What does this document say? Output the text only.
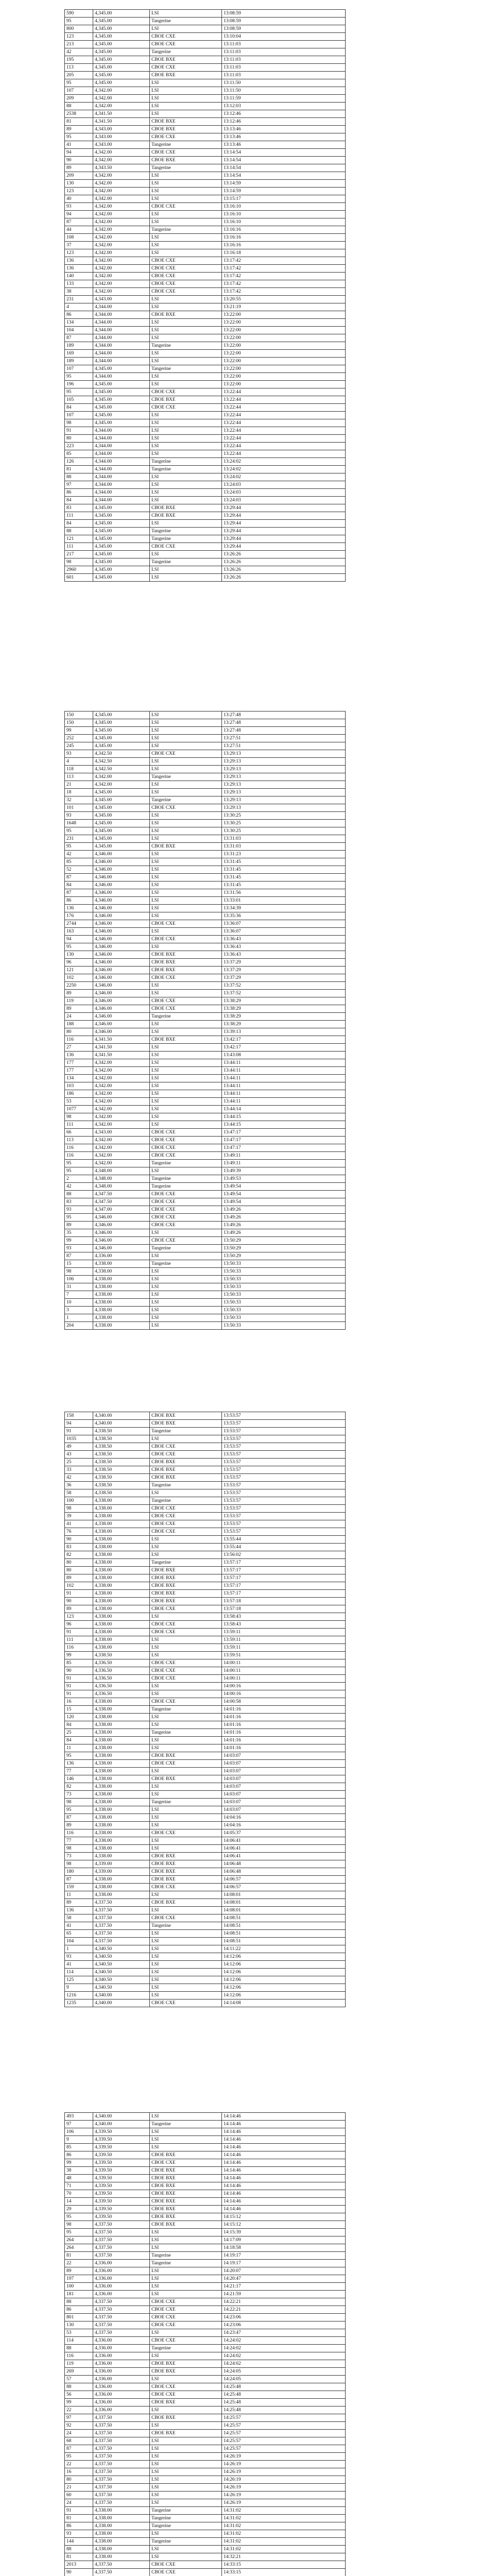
590	4,345.00	LSI	13:08:59
95	4,345.00	Tangerine	13:08:59
800	4,345.00	LSI	13:08:59
123	4,345.00	CBOE CXE	13:10:04
213	4,345.00	CBOE CXE	13:11:03
42	4,345.00	Tangerine	13:11:03
195	4,345.00	CBOE BXE	13:11:03
113	4,345.00	CBOE CXE	13:11:03
205	4,345.00	CBOE BXE	13:11:03
95	4,345.00	LSI	13:11:50
107	4,342.00	LSI	13:11:50
209	4,342.00	LSI	13:11:59
88	4,342.00	LSI	13:12:03
2538	4,341.50	LSI	13:12:46
81	4,341.50	CBOE BXE	13:12:46
89	4,343.00	CBOE BXE	13:13:46
95	4,343.00	CBOE CXE	13:13:46
41	4,343.00	Tangerine	13:13:46
94	4,342.00	CBOE CXE	13:14:54
90	4,342.00	CBOE BXE	13:14:54
89	4,343.50	Tangerine	13:14:54
209	4,342.00	LSI	13:14:54
130	4,342.00	LSI	13:14:59
123	4,342.00	LSI	13:14:59
40	4,342.00	LSI	13:15:17
93	4,342.00	CBOE CXE	13:16:10
94	4,342.00	LSI	13:16:10
87	4,342.00	LSI	13:16:10
44	4,342.00	Tangerine	13:16:16
108	4,342.00	LSI	13:16:16
37	4,342.00	LSI	13:16:16
123	4,342.00	LSI	13:16:18
136	4,342.00	CBOE CXE	13:17:42
136	4,342.00	CBOE CXE	13:17:42
140	4,342.00	CBOE CXE	13:17:42
133	4,342.00	CBOE CXE	13:17:42
38	4,342.00	CBOE CXE	13:17:42
231	4,343.00	LSI	13:20:55
4	4,344.00	LSI	13:21:19
86	4,344.00	CBOE BXE	13:22:00
134	4,344.00	LSI	13:22:00
104	4,344.00	LSI	13:22:00
87	4,344.00	LSI	13:22:00
189	4,344.00	Tangerine	13:22:00
169	4,344.00	LSI	13:22:00
189	4,344.00	LSI	13:22:00
107	4,345.00	Tangerine	13:22:00
95	4,344.00	LSI	13:22:00
196	4,345.00	LSI	13:22:00
95	4,345.00	CBOE CXE	13:22:44
105	4,345.00	CBOE BXE	13:22:44
84	4,345.00	CBOE CXE	13:22:44
107	4,345.00	LSI	13:22:44
98	4,345.00	LSI	13:22:44
91	4,344.00	LSI	13:22:44
80	4,344.00	LSI	13:22:44
223	4,344.00	LSI	13:22:44
85	4,344.00	LSI	13:22:44
126	4,344.00	Tangerine	13:24:02
81	4,344.00	Tangerine	13:24:02
88	4,344.00	LSI	13:24:02
97	4,344.00	LSI	13:24:03
86	4,344.00	LSI	13:24:03
84	4,344.00	LSI	13:24:03
83	4,345.00	CBOE BXE	13:29:44
111	4,345.00	CBOE BXE	13:29:44
84	4,345.00	LSI	13:29:44
88	4,345.00	Tangerine	13:29:44
121	4,345.00	Tangerine	13:29:44
111	4,345.00	CBOE CXE	13:29:44
217	4,345.00	LSI	13:26:26
98	4,345.00	Tangerine	13:26:26
2960	4,345.00	LSI	13:26:26
601	4,345.00	LSI	13:26:26
150	4,345.00	LSI	13:27:48
150	4,345.00	LSI	13:27:48
99	4,345.00	LSI	13:27:48
252	4,345.00	LSI	13:27:51
245	4,345.00	LSI	13:27:51
93	4,342.50	CBOE CXE	13:29:13
4	4,342.50	LSI	13:29:13
118	4,342.50	LSI	13:29:13
113	4,342.00	Tangerine	13:29:13
21	4,342.00	LSI	13:29:13
18	4,345.00	LSI	13:29:13
32	4,345.00	Tangerine	13:29:13
101	4,345.00	CBOE CXE	13:29:13
93	4,345.00	LSI	13:30:25
1648	4,345.00	LSI	13:30:25
95	4,345.00	LSI	13:30:25
231	4,345.00	LSI	13:31:03
95	4,345.00	CBOE BXE	13:31:03
42	4,346.00	LSI	13:31:23
85	4,346.00	LSI	13:31:45
52	4,346.00	LSI	13:31:45
87	4,346.00	LSI	13:31:45
84	4,346.00	LSI	13:31:45
87	4,346.00	LSI	13:31:56
86	4,346.00	LSI	13:33:01
136	4,346.00	LSI	13:34:39
176	4,346.00	LSI	13:35:36
2744	4,346.00	CBOE CXE	13:36:07
163	4,346.00	LSI	13:36:07
94	4,346.00	CBOE CXE	13:36:43
95	4,346.00	LSI	13:36:43
130	4,346.00	CBOE BXE	13:36:43
96	4,346.00	CBOE BXE	13:37:29
121	4,346.00	CBOE BXE	13:37:29
102	4,346.00	CBOE CXE	13:37:29
2250	4,346.00	LSI	13:37:52
89	4,346.00	LSI	13:37:52
119	4,346.00	CBOE CXE	13:38:29
89	4,346.00	CBOE CXE	13:38:29
24	4,346.00	Tangerine	13:38:29
188	4,346.00	LSI	13:38:29
80	4,346.00	LSI	13:39:13
116	4,341.50	CBOE BXE	13:42:17
27	4,341.50	LSI	13:42:17
136	4,341.50	LSI	13:43:08
177	4,342.00	LSI	13:44:11
177	4,342.00	LSI	13:44:11
134	4,342.00	LSI	13:44:11
103	4,342.00	LSI	13:44:11
186	4,342.00	LSI	13:44:11
53	4,342.00	LSI	13:44:11
1077	4,342.00	LSI	13:44:14
98	4,342.00	LSI	13:44:15
111	4,342.00	LSI	13:44:15
66	4,343.00	CBOE CXE	13:47:17
113	4,342.00	CBOE CXE	13:47:17
116	4,342.00	CBOE CXE	13:47:17
116	4,342.00	CBOE CXE	13:49:11
95	4,342.00	Tangerine	13:49:11
95	4,348.00	LSI	13:49:39
2	4,348.00	Tangerine	13:49:53
42	4,348.00	Tangerine	13:49:54
88	4,347.50	CBOE CXE	13:49:54
83	4,347.50	CBOE CXE	13:49:54
93	4,347.00	CBOE CXE	13:49:26
95	4,346.00	CBOE CXE	13:49:26
89	4,346.00	CBOE CXE	13:49:26
35	4,346.00	LSI	13:49:26
99	4,346.00	CBOE CXE	13:50:29
93	4,346.00	Tangerine	13:50:29
87	4,336.00	LSI	13:50:29
15	4,338.00	Tangerine	13:50:33
98	4,338.00	LSI	13:50:33
106	4,338.00	LSI	13:50:33
31	4,338.00	LSI	13:50:33
7	4,338.00	LSI	13:50:33
10	4,338.00	LSI	13:50:33
3	4,338.00	LSI	13:50:33
1	4,338.00	LSI	13:50:33
204	4,338.00	LSI	13:50:33
158	4,340.00	CBOE BXE	13:53:57
94	4,340.00	CBOE BXE	13:53:57
91	4,338.50	Tangerine	13:53:57
1035	4,338.50	LSI	13:53:57
49	4,338.50	CBOE CXE	13:53:57
43	4,338.50	CBOE CXE	13:53:57
25	4,338.50	CBOE BXE	13:53:57
33	4,338.50	CBOE BXE	13:53:57
42	4,338.50	CBOE BXE	13:53:57
36	4,338.50	Tangerine	13:53:57
58	4,338.50	LSI	13:53:57
100	4,338.00	Tangerine	13:53:57
98	4,338.00	CBOE CXE	13:53:57
39	4,338.00	CBOE CXE	13:53:57
41	4,338.00	CBOE CXE	13:53:57
76	4,338.00	CBOE CXE	13:53:57
90	4,338.00	LSI	13:55:44
83	4,338.00	LSI	13:55:44
82	4,338.00	LSI	13:56:02
80	4,338.00	Tangerine	13:57:17
80	4,338.00	CBOE BXE	13:57:17
89	4,338.00	CBOE BXE	13:57:17
102	4,338.00	CBOE BXE	13:57:17
91	4,338.00	CBOE BXE	13:57:17
90	4,338.00	CBOE BXE	13:57:18
89	4,338.00	CBOE CXE	13:57:18
123	4,338.00	LSI	13:58:43
96	4,338.00	CBOE CXE	13:58:43
91	4,338.00	CBOE CXE	13:59:11
111	4,338.00	LSI	13:59:11
116	4,338.00	LSI	13:59:11
99	4,338.50	LSI	13:59:51
85	4,336.50	CBOE CXE	14:00:11
90	4,336.50	CBOE CXE	14:00:11
91	4,336.50	CBOE CXE	14:00:11
91	4,336.50	LSI	14:00:16
91	4,336.50	LSI	14:00:16
16	4,338.00	CBOE CXE	14:00:58
15	4,338.00	Tangerine	14:01:16
120	4,338.00	LSI	14:01:16
84	4,338.00	LSI	14:01:16
25	4,338.00	Tangerine	14:01:16
84	4,338.00	LSI	14:01:16
11	4,338.00	LSI	14:01:16
95	4,338.00	CBOE BXE	14:03:07
136	4,338.00	CBOE CXE	14:03:07
77	4,338.00	LSI	14:03:07
146	4,338.00	CBOE BXE	14:03:07
82	4,338.00	LSI	14:03:07
73	4,338.00	LSI	14:03:07
98	4,338.00	Tangerine	14:03:07
95	4,338.00	LSI	14:03:07
87	4,338.00	LSI	14:04:16
89	4,338.00	LSI	14:04:16
116	4,338.00	CBOE CXE	14:05:37
77	4,338.00	LSI	14:06:41
98	4,338.00	LSI	14:06:41
73	4,338.00	CBOE BXE	14:06:41
98	4,339.00	CBOE BXE	14:06:48
180	4,339.00	CBOE BXE	14:06:48
87	4,338.00	CBOE BXE	14:06:57
159	4,338.00	CBOE CXE	14:06:57
11	4,338.00	LSI	14:08:01
89	4,337.50	CBOE BXE	14:08:01
136	4,337.50	LSI	14:08:01
58	4,337.50	CBOE CXE	14:08:51
41	4,337.50	Tangerine	14:08:51
65	4,337.50	LSI	14:08:51
104	4,337.50	LSI	14:08:51
1	4,340.50	LSI	14:11:22
93	4,340.50	LSI	14:12:06
41	4,340.50	LSI	14:12:06
114	4,340.50	LSI	14:12:06
125	4,340.50	LSI	14:12:06
9	4,340.50	LSI	14:12:06
1216	4,340.00	LSI	14:12:06
1235	4,340.00	CBOE CXE	14:14:08
493	4,340.00	LSI	14:14:46
97	4,340.00	Tangerine	14:14:46
106	4,339.50	LSI	14:14:46
9	4,339.50	LSI	14:14:46
85	4,339.50	LSI	14:14:46
86	4,339.50	CBOE BXE	14:14:46
99	4,339.50	CBOE CXE	14:14:46
38	4,339.50	CBOE BXE	14:14:46
48	4,339.50	CBOE BXE	14:14:46
71	4,339.50	CBOE BXE	14:14:46
70	4,339.50	CBOE BXE	14:14:46
14	4,339.50	CBOE BXE	14:14:46
29	4,339.50	CBOE BXE	14:14:46
95	4,339.50	CBOE BXE	14:15:12
98	4,337.50	CBOE BXE	14:15:12
95	4,337.50	LSI	14:15:39
264	4,337.50	LSI	14:17:09
264	4,337.50	LSI	14:18:58
81	4,337.50	Tangerine	14:19:17
22	4,336.00	Tangerine	14:19:17
89	4,336.00	LSI	14:20:07
197	4,336.00	LSI	14:20:47
100	4,336.00	LSI	14:21:17
181	4,336.00	LSI	14:21:59
88	4,337.50	CBOE CXE	14:22:21
86	4,337.50	CBOE CXE	14:22:21
801	4,337.50	CBOE CXE	14:23:06
130	4,337.50	CBOE CXE	14:23:06
53	4,337.50	LSI	14:23:47
114	4,336.00	CBOE CXE	14:24:02
88	4,336.00	Tangerine	14:24:02
116	4,336.00	LSI	14:24:02
119	4,336.00	CBOE BXE	14:24:02
269	4,336.00	CBOE BXE	14:24:05
57	4,336.00	LSI	14:24:05
88	4,336.00	CBOE CXE	14:25:48
56	4,336.00	CBOE CXE	14:25:48
99	4,336.00	CBOE BXE	14:25:48
22	4,336.00	LSI	14:25:48
97	4,337.50	CBOE BXE	14:25:57
92	4,337.50	LSI	14:25:57
24	4,337.50	CBOE BXE	14:25:57
68	4,337.50	LSI	14:25:57
87	4,337.50	LSI	14:25:57
95	4,337.50	LSI	14:26:19
22	4,337.50	LSI	14:26:19
16	4,337.50	LSI	14:26:19
80	4,337.50	LSI	14:26:19
21	4,337.50	LSI	14:26:19
60	4,337.50	LSI	14:26:19
24	4,337.50	LSI	14:26:19
91	4,338.00	Tangerine	14:31:02
81	4,338.00	Tangerine	14:31:02
86	4,338.00	Tangerine	14:31:02
93	4,338.00	LSI	14:31:02
144	4,338.00	Tangerine	14:31:02
88	4,338.00	LSI	14:31:02
81	4,338.00	LSI	14:32:21
2013	4,337.50	CBOE CXE	14:33:15
90	4,337.50	CBOE CXE	14:33:15
